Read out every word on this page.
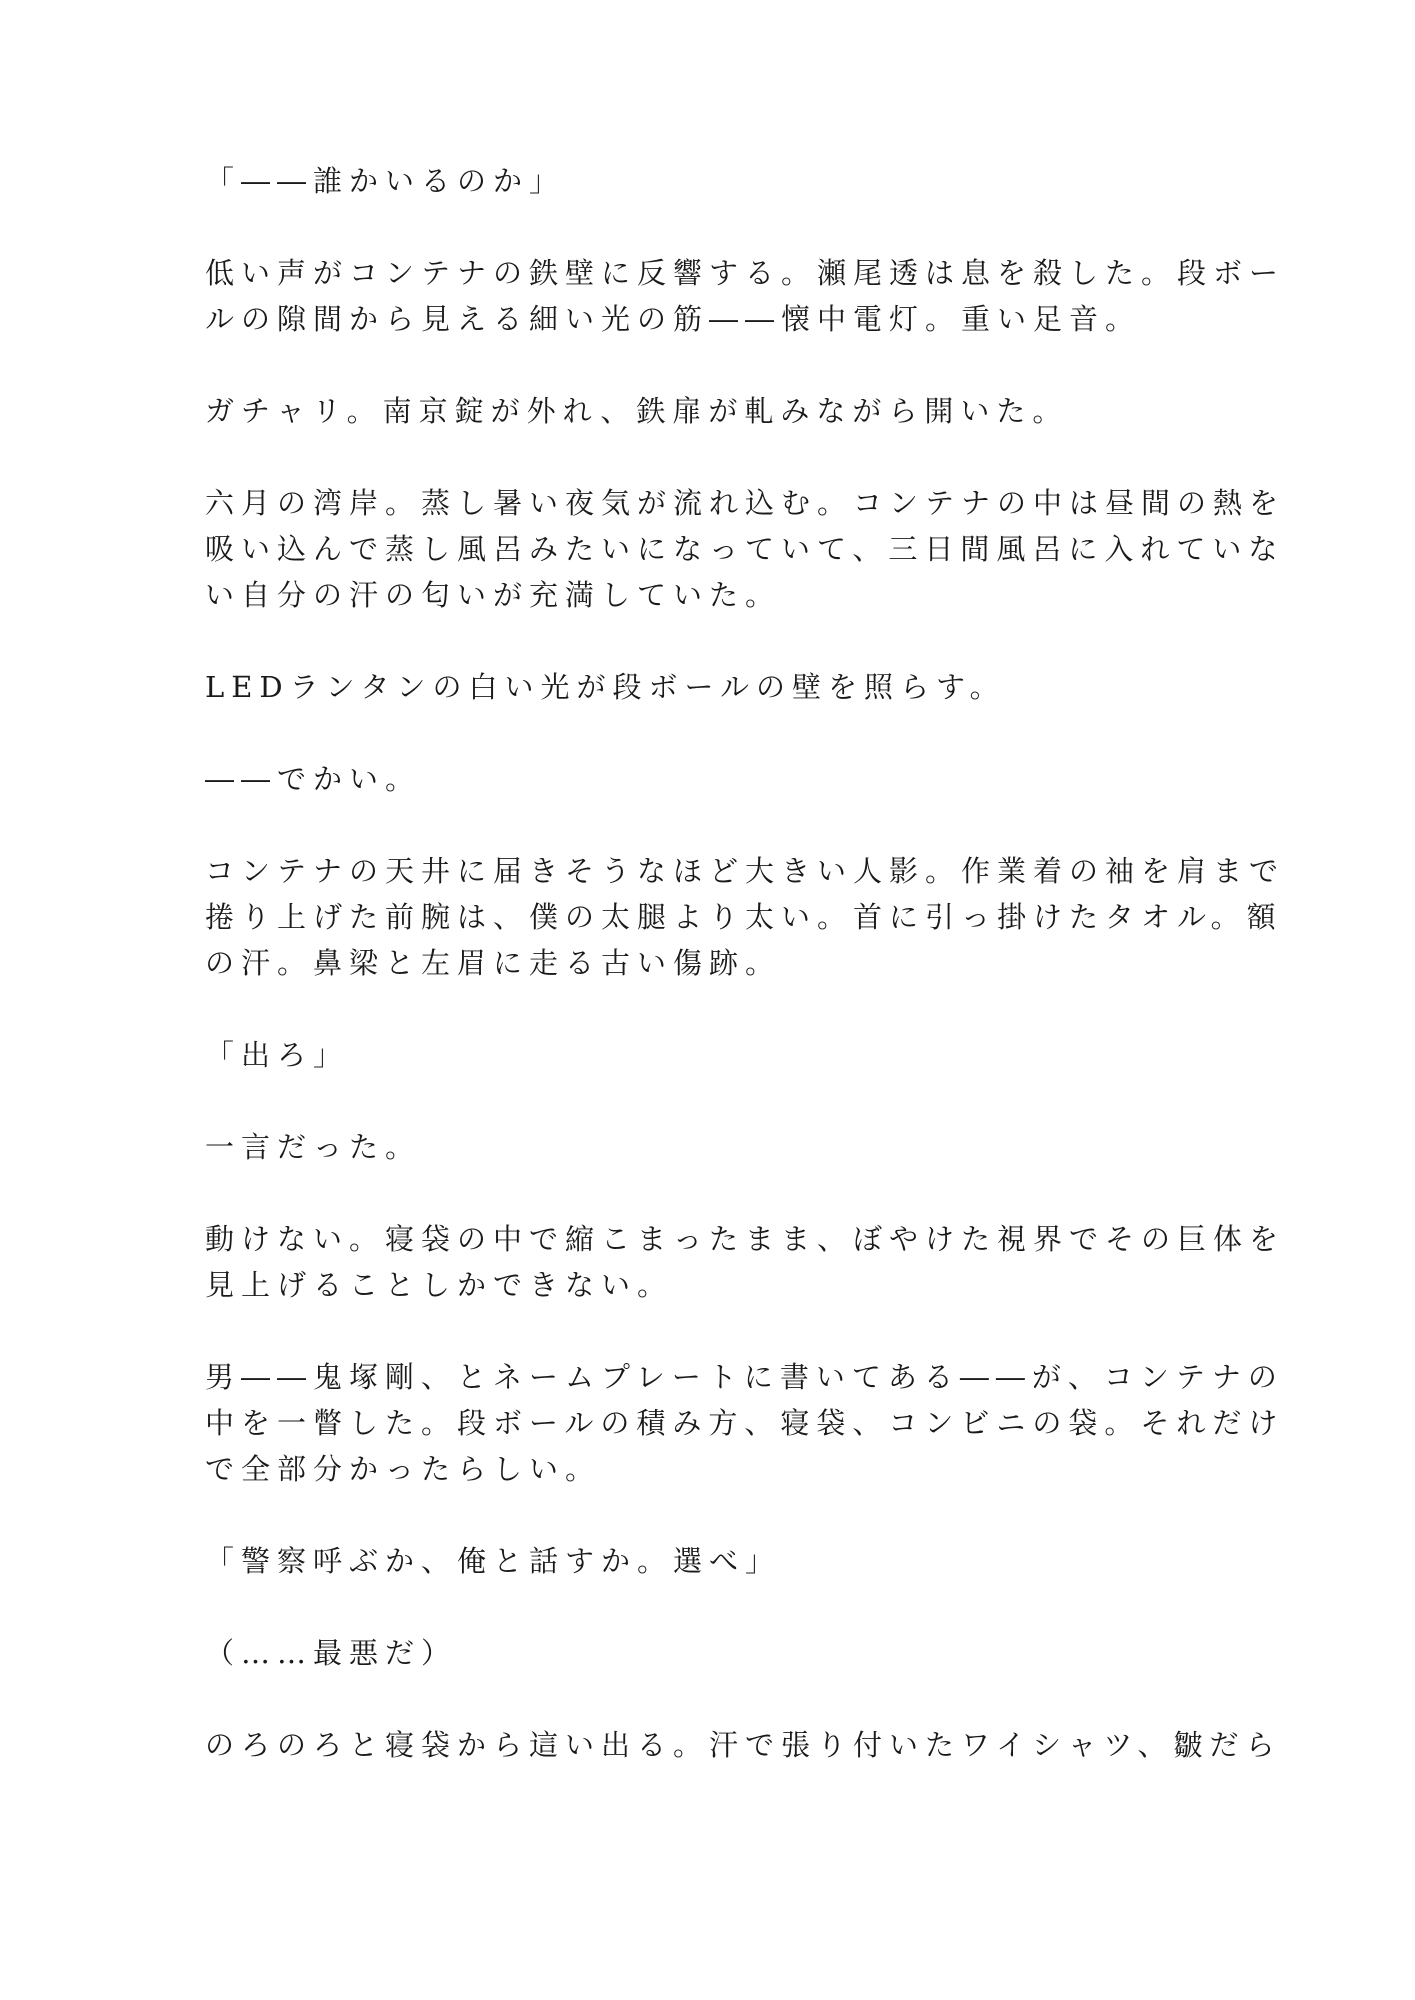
「――誰かいるのか」

低い声がコンテナの鉄壁に反響する。瀬尾透は息を殺した。段ボー
ルの隙間から見える細い光の筋――懐中電灯。重い足音。

ガチャリ。南京錠が外れ、鉄扉が軋みながら開いた。

六月の湾岸。蒸し暑い夜気が流れ込む。コンテナの中は昼間の熱を
吸い込んで蒸し風呂みたいになっていて、三日間風呂に入れていな
い自分の汗の匂いが充満していた。

LEDランタンの白い光が段ボールの壁を照らす。

――でかい。

コンテナの天井に届きそうなほど大きい人影。作業着の袖を肩まで
捲り上げた前腕は、僕の太腿より太い。首に引っ掛けたタオル。額
の汗。鼻梁と左眉に走る古い傷跡。

「出ろ」

一言だった。

動けない。寝袋の中で縮こまったまま、ぼやけた視界でその巨体を
見上げることしかできない。

男――鬼塚剛、とネームプレートに書いてある――が、コンテナの
中を一瞥した。段ボールの積み方、寝袋、コンビニの袋。それだけ
で全部分かったらしい。

「警察呼ぶか、俺と話すか。選べ」

（……最悪だ）

のろのろと寝袋から這い出る。汗で張り付いたワイシャツ、皺だら
